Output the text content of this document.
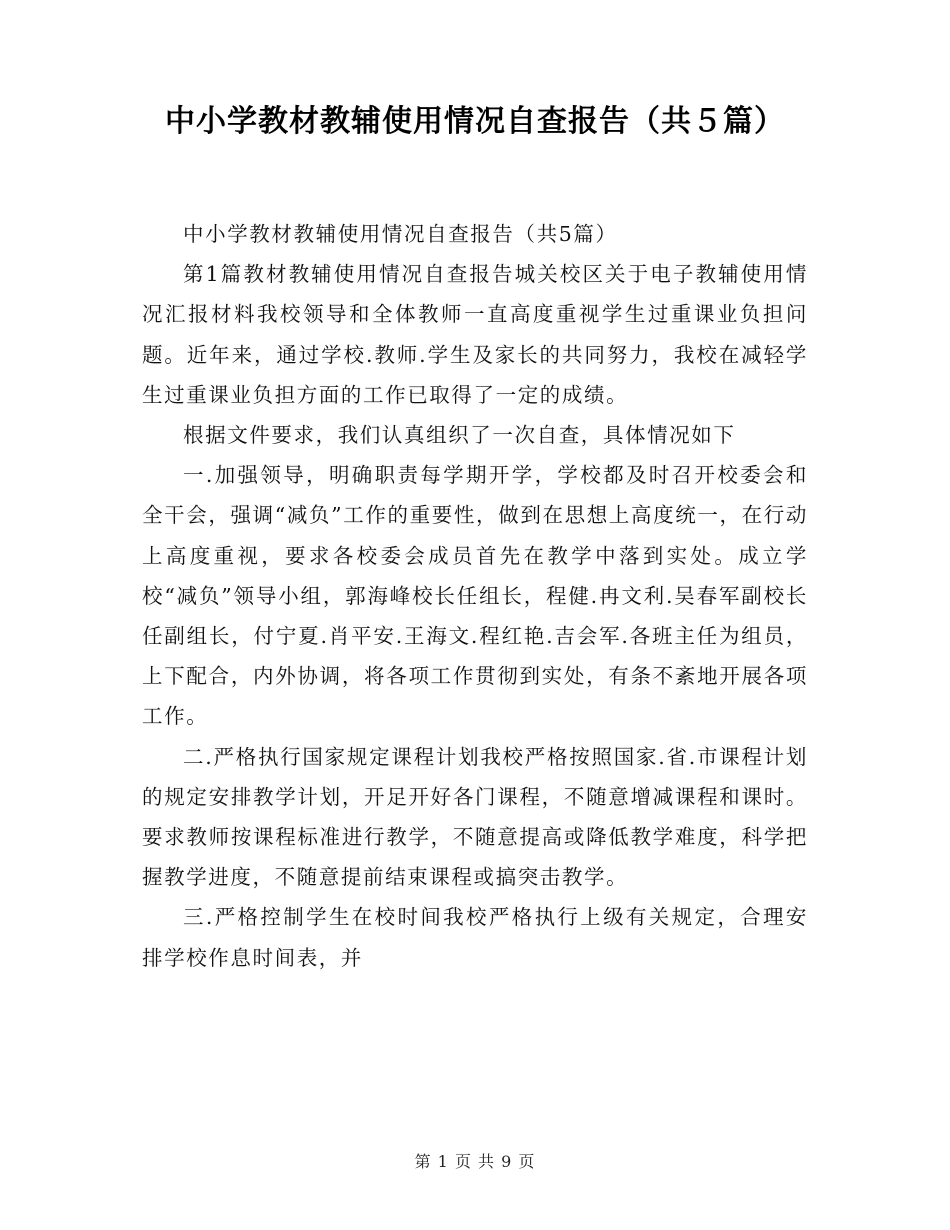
中小学教材教辅使用情况自查报告（共５篇）

中小学教材教辅使用情况自查报告（共5篇）

第1篇教材教辅使用情况自查报告城关校区关于电子教辅使用情况汇报材料我校领导和全体教师一直高度重视学生过重课业负担问题。近年来，通过学校.教师.学生及家长的共同努力，我校在减轻学生过重课业负担方面的工作已取得了一定的成绩。

根据文件要求，我们认真组织了一次自查，具体情况如下

一.加强领导，明确职责每学期开学，学校都及时召开校委会和全干会，强调“减负”工作的重要性，做到在思想上高度统一，在行动上高度重视，要求各校委会成员首先在教学中落到实处。成立学校“减负”领导小组，郭海峰校长任组长，程健.冉文利.吴春军副校长任副组长，付宁夏.肖平安.王海文.程红艳.吉会军.各班主任为组员，上下配合，内外协调，将各项工作贯彻到实处，有条不紊地开展各项工作。

二.严格执行国家规定课程计划我校严格按照国家.省.市课程计划的规定安排教学计划，开足开好各门课程，不随意增减课程和课时。要求教师按课程标准进行教学，不随意提高或降低教学难度，科学把握教学进度，不随意提前结束课程或搞突击教学。

三.严格控制学生在校时间我校严格执行上级有关规定，合理安排学校作息时间表，并

第 1 页 共 9 页
